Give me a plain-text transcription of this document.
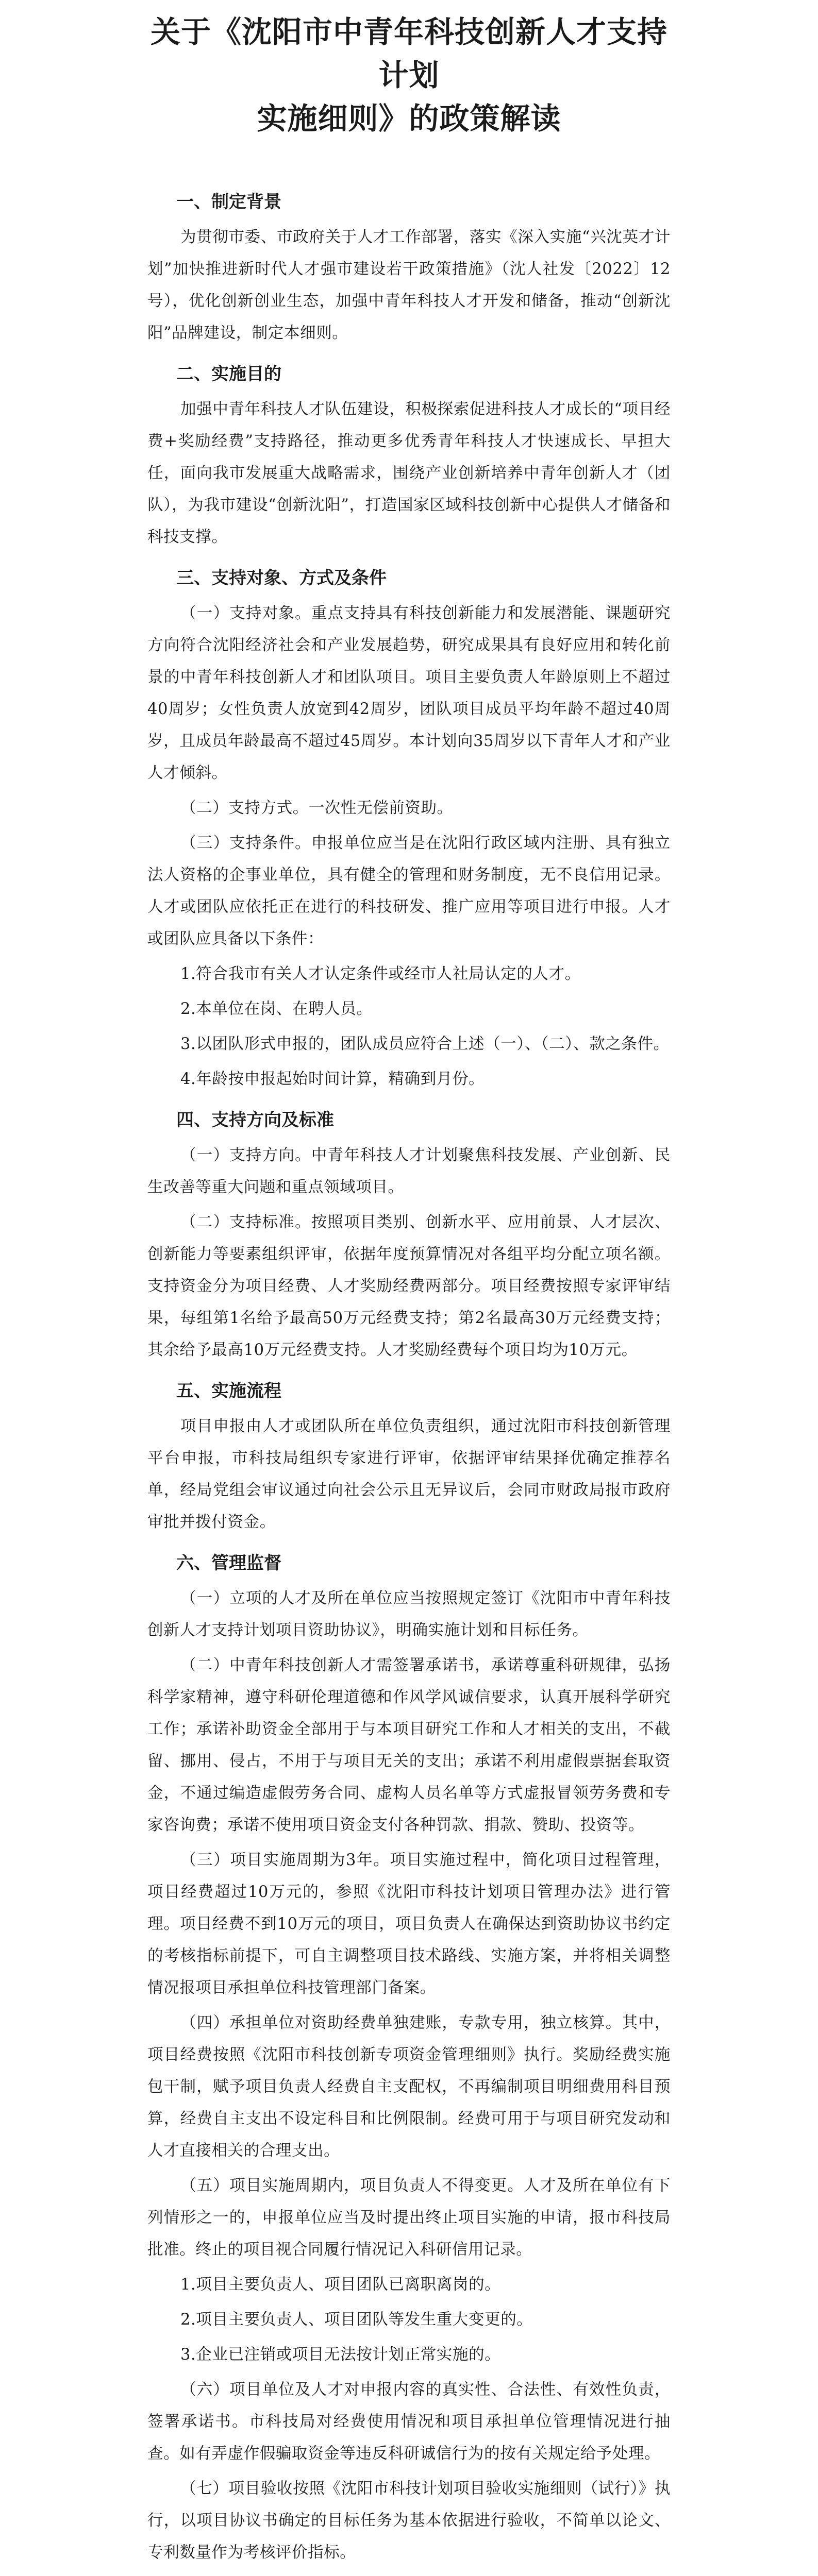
关于《沈阳市中青年科技创新人才支持计划
实施细则》的政策解读
一、制定背景

为贯彻市委、市政府关于人才工作部署，落实《深入实施“兴沈英才计划”加快推进新时代人才强市建设若干政策措施》（沈人社发〔2022〕12号），优化创新创业生态，加强中青年科技人才开发和储备，推动“创新沈阳”品牌建设，制定本细则。

二、实施目的

加强中青年科技人才队伍建设，积极探索促进科技人才成长的“项目经费+奖励经费”支持路径，推动更多优秀青年科技人才快速成长、早担大任，面向我市发展重大战略需求，围绕产业创新培养中青年创新人才（团队），为我市建设“创新沈阳”，打造国家区域科技创新中心提供人才储备和科技支撑。

三、支持对象、方式及条件

（一）支持对象。重点支持具有科技创新能力和发展潜能、课题研究方向符合沈阳经济社会和产业发展趋势，研究成果具有良好应用和转化前景的中青年科技创新人才和团队项目。项目主要负责人年龄原则上不超过40周岁；女性负责人放宽到42周岁，团队项目成员平均年龄不超过40周岁，且成员年龄最高不超过45周岁。本计划向35周岁以下青年人才和产业人才倾斜。

（二）支持方式。一次性无偿前资助。

（三）支持条件。申报单位应当是在沈阳行政区域内注册、具有独立法人资格的企事业单位，具有健全的管理和财务制度，无不良信用记录。人才或团队应依托正在进行的科技研发、推广应用等项目进行申报。人才或团队应具备以下条件：

1.符合我市有关人才认定条件或经市人社局认定的人才。

2.本单位在岗、在聘人员。

3.以团队形式申报的，团队成员应符合上述（一）、（二）、款之条件。

4.年龄按申报起始时间计算，精确到月份。

四、支持方向及标准

（一）支持方向。中青年科技人才计划聚焦科技发展、产业创新、民生改善等重大问题和重点领域项目。

（二）支持标准。按照项目类别、创新水平、应用前景、人才层次、创新能力等要素组织评审，依据年度预算情况对各组平均分配立项名额。支持资金分为项目经费、人才奖励经费两部分。项目经费按照专家评审结果，每组第1名给予最高50万元经费支持；第2名最高30万元经费支持；其余给予最高10万元经费支持。人才奖励经费每个项目均为10万元。

五、实施流程

项目申报由人才或团队所在单位负责组织，通过沈阳市科技创新管理平台申报，市科技局组织专家进行评审，依据评审结果择优确定推荐名单，经局党组会审议通过向社会公示且无异议后，会同市财政局报市政府审批并拨付资金。

六、管理监督

（一）立项的人才及所在单位应当按照规定签订《沈阳市中青年科技创新人才支持计划项目资助协议》，明确实施计划和目标任务。

（二）中青年科技创新人才需签署承诺书，承诺尊重科研规律，弘扬科学家精神，遵守科研伦理道德和作风学风诚信要求，认真开展科学研究工作；承诺补助资金全部用于与本项目研究工作和人才相关的支出，不截留、挪用、侵占，不用于与项目无关的支出；承诺不利用虚假票据套取资金，不通过编造虚假劳务合同、虚构人员名单等方式虚报冒领劳务费和专家咨询费；承诺不使用项目资金支付各种罚款、捐款、赞助、投资等。

（三）项目实施周期为3年。项目实施过程中，简化项目过程管理，项目经费超过10万元的，参照《沈阳市科技计划项目管理办法》进行管理。项目经费不到10万元的项目，项目负责人在确保达到资助协议书约定的考核指标前提下，可自主调整项目技术路线、实施方案，并将相关调整情况报项目承担单位科技管理部门备案。

（四）承担单位对资助经费单独建账，专款专用，独立核算。其中，项目经费按照《沈阳市科技创新专项资金管理细则》执行。奖励经费实施包干制，赋予项目负责人经费自主支配权，不再编制项目明细费用科目预算，经费自主支出不设定科目和比例限制。经费可用于与项目研究发动和人才直接相关的合理支出。

（五）项目实施周期内，项目负责人不得变更。人才及所在单位有下列情形之一的，申报单位应当及时提出终止项目实施的申请，报市科技局批准。终止的项目视合同履行情况记入科研信用记录。

1.项目主要负责人、项目团队已离职离岗的。

2.项目主要负责人、项目团队等发生重大变更的。

3.企业已注销或项目无法按计划正常实施的。

（六）项目单位及人才对申报内容的真实性、合法性、有效性负责，签署承诺书。市科技局对经费使用情况和项目承担单位管理情况进行抽查。如有弄虚作假骗取资金等违反科研诚信行为的按有关规定给予处理。

（七）项目验收按照《沈阳市科技计划项目验收实施细则（试行）》执行，以项目协议书确定的目标任务为基本依据进行验收，不简单以论文、专利数量作为考核评价指标。
